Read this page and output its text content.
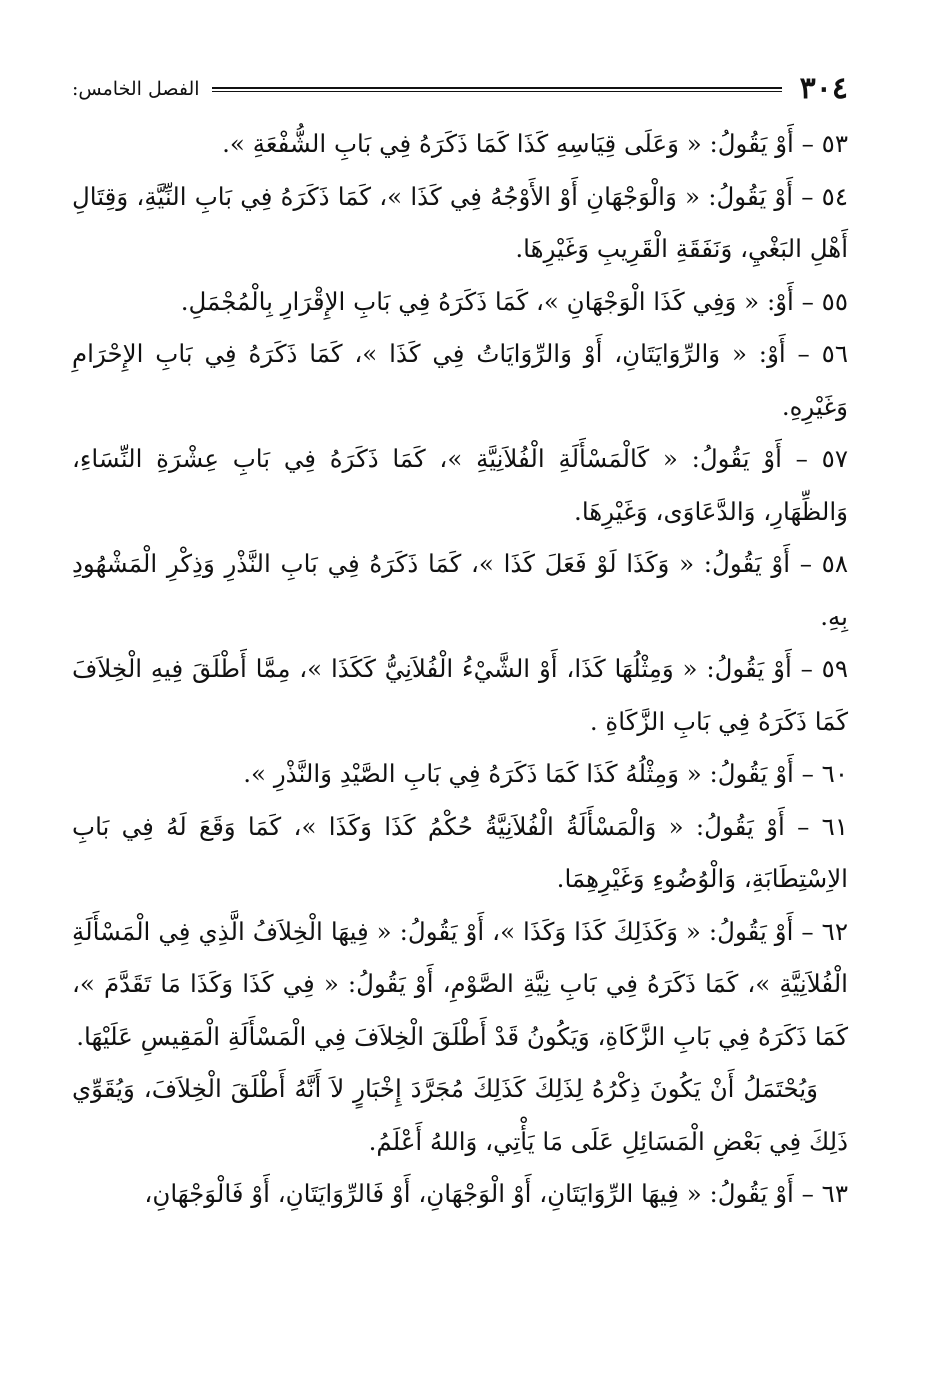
٣٠٤
الفصل الخامس:

٥٣ – أَوْ يَقُولُ: « وَعَلَى قِيَاسِهِ كَذَا كَمَا ذَكَرَهُ فِي بَابِ الشُّفْعَةِ ».

٥٤ – أَوْ يَقُولُ: « وَالْوَجْهَانِ أَوْ الأَوْجُهُ فِي كَذَا »، كَمَا ذَكَرَهُ فِي بَابِ النِّيَّةِ، وَقِتَالِ أَهْلِ البَغْيِ، وَنَفَقَةِ الْقَرِيبِ وَغَيْرِهَا.

٥٥ – أَوْ: « وَفِي كَذَا الْوَجْهَانِ »، كَمَا ذَكَرَهُ فِي بَابِ الإِقْرَارِ بِالْمُجْمَلِ.

٥٦ – أَوْ: « وَالرِّوَايَتَانِ، أَوْ وَالرِّوَايَاتُ فِي كَذَا »، كَمَا ذَكَرَهُ فِي بَابِ الإِحْرَامِ وَغَيْرِهِ.

٥٧ – أَوْ يَقُولُ: « كَالْمَسْأَلَةِ الْفُلاَنِيَّةِ »، كَمَا ذَكَرَهُ فِي بَابِ عِشْرَةِ النِّسَاءِ، وَالظِّهَارِ، وَالدَّعَاوَى، وَغَيْرِهَا.

٥٨ – أَوْ يَقُولُ: « وَكَذَا لَوْ فَعَلَ كَذَا »، كَمَا ذَكَرَهُ فِي بَابِ النَّذْرِ وَذِكْرِ الْمَشْهُودِ بِهِ.

٥٩ – أَوْ يَقُولُ: « وَمِثْلُهَا كَذَا، أَوْ الشَّيْءُ الْفُلاَنِيُّ كَكَذَا »، مِمَّا أَطْلَقَ فِيهِ الْخِلاَفَ كَمَا ذَكَرَهُ فِي بَابِ الزَّكَاةِ .

٦٠ – أَوْ يَقُولُ: « وَمِثْلُهُ كَذَا كَمَا ذَكَرَهُ فِي بَابِ الصَّيْدِ وَالنَّذْرِ ».

٦١ – أَوْ يَقُولُ: « وَالْمَسْأَلَةُ الْفُلاَنِيَّةُ حُكْمُ كَذَا وَكَذَا »، كَمَا وَقَعَ لَهُ فِي بَابِ الاِسْتِطَابَةِ، وَالْوُضُوءِ وَغَيْرِهِمَا.

٦٢ – أَوْ يَقُولُ: « وَكَذَلِكَ كَذَا وَكَذَا »، أَوْ يَقُولُ: « فِيهَا الْخِلاَفُ الَّذِي فِي الْمَسْأَلَةِ الْفُلاَنِيَّةِ »، كَمَا ذَكَرَهُ فِي بَابِ نِيَّةِ الصَّوْمِ، أَوْ يَقُولُ: « فِي كَذَا وَكَذَا مَا تَقَدَّمَ »، كَمَا ذَكَرَهُ فِي بَابِ الزَّكَاةِ، وَيَكُونُ قَدْ أَطْلَقَ الْخِلاَفَ فِي الْمَسْأَلَةِ الْمَقِيسِ عَلَيْهَا.

وَيُحْتَمَلُ أَنْ يَكُونَ ذِكْرُهُ لِذَلِكَ كَذَلِكَ مُجَرَّدَ إِخْبَارٍ لاَ أَنَّهُ أَطْلَقَ الْخِلاَفَ، وَيُقَوِّي ذَلِكَ فِي بَعْضِ الْمَسَائِلِ عَلَى مَا يَأْتِي، وَاللهُ أَعْلَمُ.

٦٣ – أَوْ يَقُولُ: « فِيهَا الرِّوَايَتَانِ، أَوْ الْوَجْهَانِ، أَوْ فَالرِّوَايَتَانِ، أَوْ فَالْوَجْهَانِ،
